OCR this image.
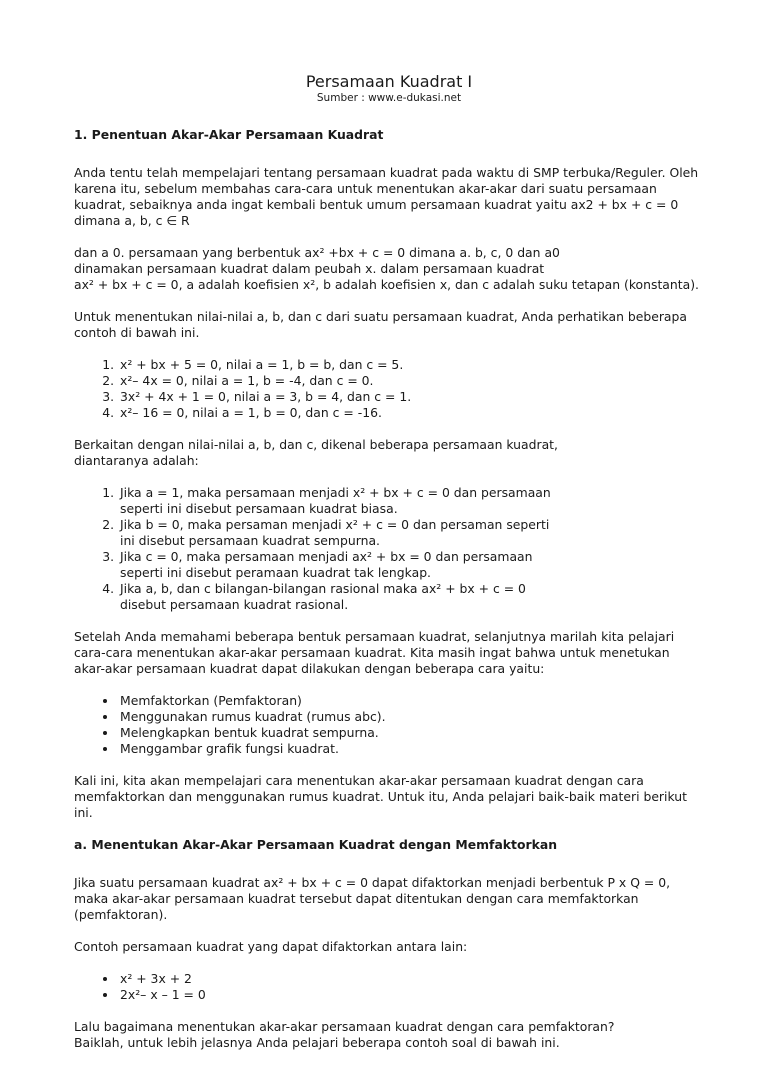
Persamaan Kuadrat I
Sumber : www.e-dukasi.net
1. Penentuan Akar-Akar Persamaan Kuadrat

Anda tentu telah mempelajari tentang persamaan kuadrat pada waktu di SMP terbuka/Reguler. Oleh karena itu, sebelum membahas cara-cara untuk menentukan akar-akar dari suatu persamaan kuadrat, sebaiknya anda ingat kembali bentuk umum persamaan kuadrat yaitu ax2 + bx + c = 0 dimana a, b, c ∈ R

dan a 0. persamaan yang berbentuk ax² +bx + c = 0 dimana a. b, c, 0 dan a0
dinamakan persamaan kuadrat dalam peubah x. dalam persamaan kuadrat
ax² + bx + c = 0, a adalah koefisien x², b adalah koefisien x, dan c adalah suku tetapan (konstanta).

Untuk menentukan nilai-nilai a, b, dan c dari suatu persamaan kuadrat, Anda perhatikan beberapa contoh di bawah ini.

1. x² + bx + 5 = 0, nilai a = 1, b = b, dan c = 5.
2. x²– 4x = 0, nilai a = 1, b = -4, dan c = 0.
3. 3x² + 4x + 1 = 0, nilai a = 3, b = 4, dan c = 1.
4. x²– 16 = 0, nilai a = 1, b = 0, dan c = -16.

Berkaitan dengan nilai-nilai a, b, dan c, dikenal beberapa persamaan kuadrat,
diantaranya adalah:

1. Jika a = 1, maka persamaan menjadi x² + bx + c = 0 dan persamaan seperti ini disebut persamaan kuadrat biasa.
2. Jika b = 0, maka persaman menjadi x² + c = 0 dan persaman seperti ini disebut persamaan kuadrat sempurna.
3. Jika c = 0, maka persamaan menjadi ax² + bx = 0 dan persamaan seperti ini disebut peramaan kuadrat tak lengkap.
4. Jika a, b, dan c bilangan-bilangan rasional maka ax² + bx + c = 0 disebut persamaan kuadrat rasional.

Setelah Anda memahami beberapa bentuk persamaan kuadrat, selanjutnya marilah kita pelajari cara-cara menentukan akar-akar persamaan kuadrat. Kita masih ingat bahwa untuk menetukan akar-akar persamaan kuadrat dapat dilakukan dengan beberapa cara yaitu:

• Memfaktorkan (Pemfaktoran)
• Menggunakan rumus kuadrat (rumus abc).
• Melengkapkan bentuk kuadrat sempurna.
• Menggambar grafik fungsi kuadrat.

Kali ini, kita akan mempelajari cara menentukan akar-akar persamaan kuadrat dengan cara memfaktorkan dan menggunakan rumus kuadrat. Untuk itu, Anda pelajari baik-baik materi berikut ini.

a. Menentukan Akar-Akar Persamaan Kuadrat dengan Memfaktorkan

Jika suatu persamaan kuadrat ax² + bx + c = 0 dapat difaktorkan menjadi berbentuk P x Q = 0, maka akar-akar persamaan kuadrat tersebut dapat ditentukan dengan cara memfaktorkan (pemfaktoran).

Contoh persamaan kuadrat yang dapat difaktorkan antara lain:

• x² + 3x + 2
• 2x²– x – 1 = 0

Lalu bagaimana menentukan akar-akar persamaan kuadrat dengan cara pemfaktoran?
Baiklah, untuk lebih jelasnya Anda pelajari beberapa contoh soal di bawah ini.
